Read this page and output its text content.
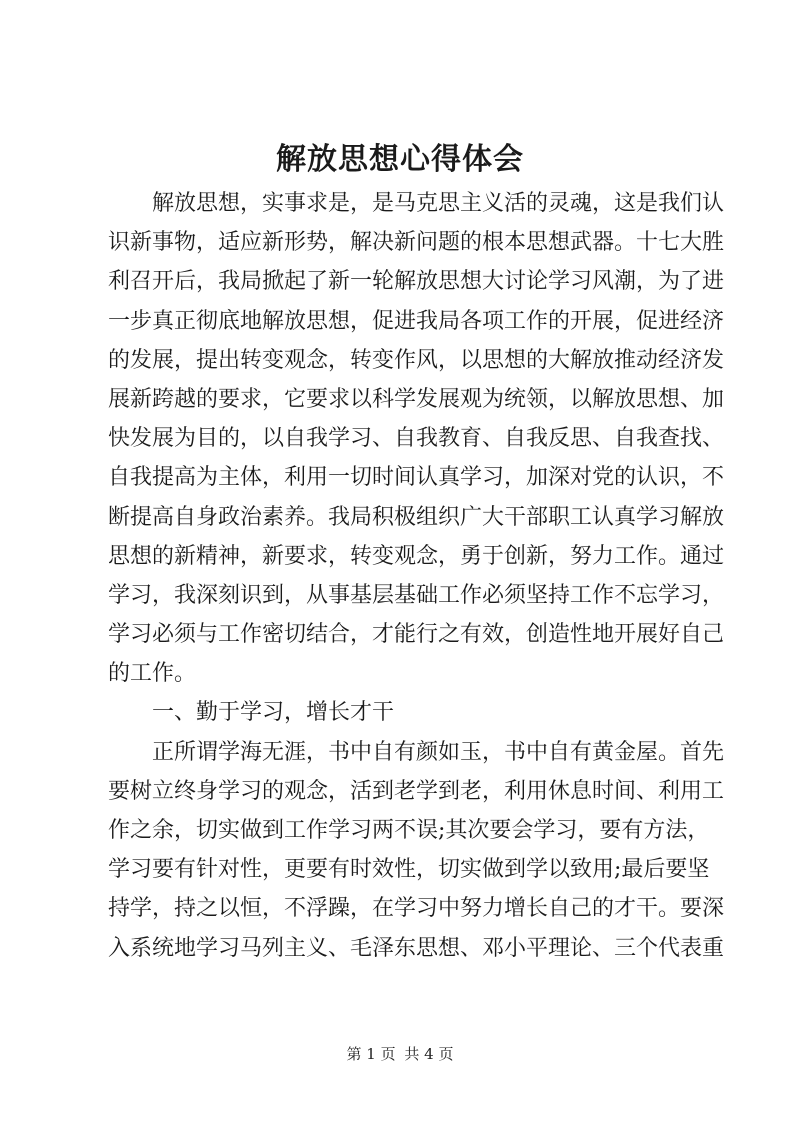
解放思想心得体会
解放思想，实事求是，是马克思主义活的灵魂，这是我们认
识新事物，适应新形势，解决新问题的根本思想武器。十七大胜
利召开后，我局掀起了新一轮解放思想大讨论学习风潮，为了进
一步真正彻底地解放思想，促进我局各项工作的开展，促进经济
的发展，提出转变观念，转变作风，以思想的大解放推动经济发
展新跨越的要求，它要求以科学发展观为统领，以解放思想、加
快发展为目的，以自我学习、自我教育、自我反思、自我查找、
自我提高为主体，利用一切时间认真学习，加深对党的认识，不
断提高自身政治素养。我局积极组织广大干部职工认真学习解放
思想的新精神，新要求，转变观念，勇于创新，努力工作。通过
学习，我深刻识到，从事基层基础工作必须坚持工作不忘学习，
学习必须与工作密切结合，才能行之有效，创造性地开展好自己
的工作。
一、勤于学习，增长才干
正所谓学海无涯，书中自有颜如玉，书中自有黄金屋。首先
要树立终身学习的观念，活到老学到老，利用休息时间、利用工
作之余，切实做到工作学习两不误;其次要会学习，要有方法，
学习要有针对性，更要有时效性，切实做到学以致用;最后要坚
持学，持之以恒，不浮躁，在学习中努力增长自己的才干。要深
入系统地学习马列主义、毛泽东思想、邓小平理论、三个代表重
第 1 页 共 4 页
